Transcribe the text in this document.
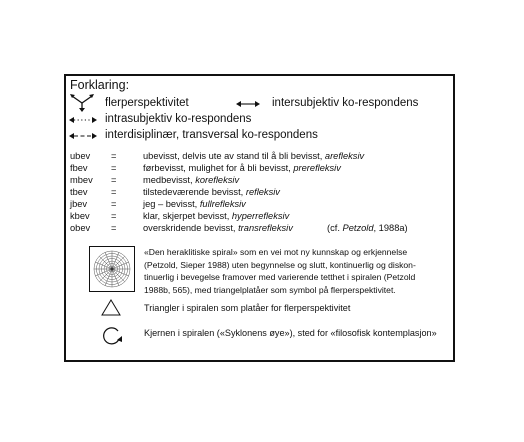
Forklaring:
flerperspektivitet	intersubjektiv ko-respondens
intrasubjektiv ko-respondens
interdisiplinær, transversal ko-respondens
ubev =	ubevisst, delvis ute av stand til å bli bevisst, arefleksiv
fbev	=	førbevisst, mulighet for å bli bevisst, prerefleksiv
mbev =	medbevisst, korefleksiv
tbev	=	tilstedeværende bevisst, refleksiv
jbev	=	jeg – bevisst, fullrefleksiv
kbev =	klar, skjerpet bevisst, hyperrefleksiv
obev =	overskridende bevisst, transrefleksiv	(cf. Petzold, 1988a)
«Den heraklitiske spiral» som en vei mot ny kunnskap og erkjennelse
(Petzold, Sieper 1988) uten begynnelse og slutt, kontinuerlig og diskon-
tinuerlig i bevegelse framover med varierende tetthet i spiralen (Petzold
1988b, 565), med triangelplatåer som symbol på flerperspektivitet.
Triangler i spiralen som platåer for flerperspektivitet
Kjernen i spiralen («Syklonens øye»), sted for «filosofisk kontemplasjon»
